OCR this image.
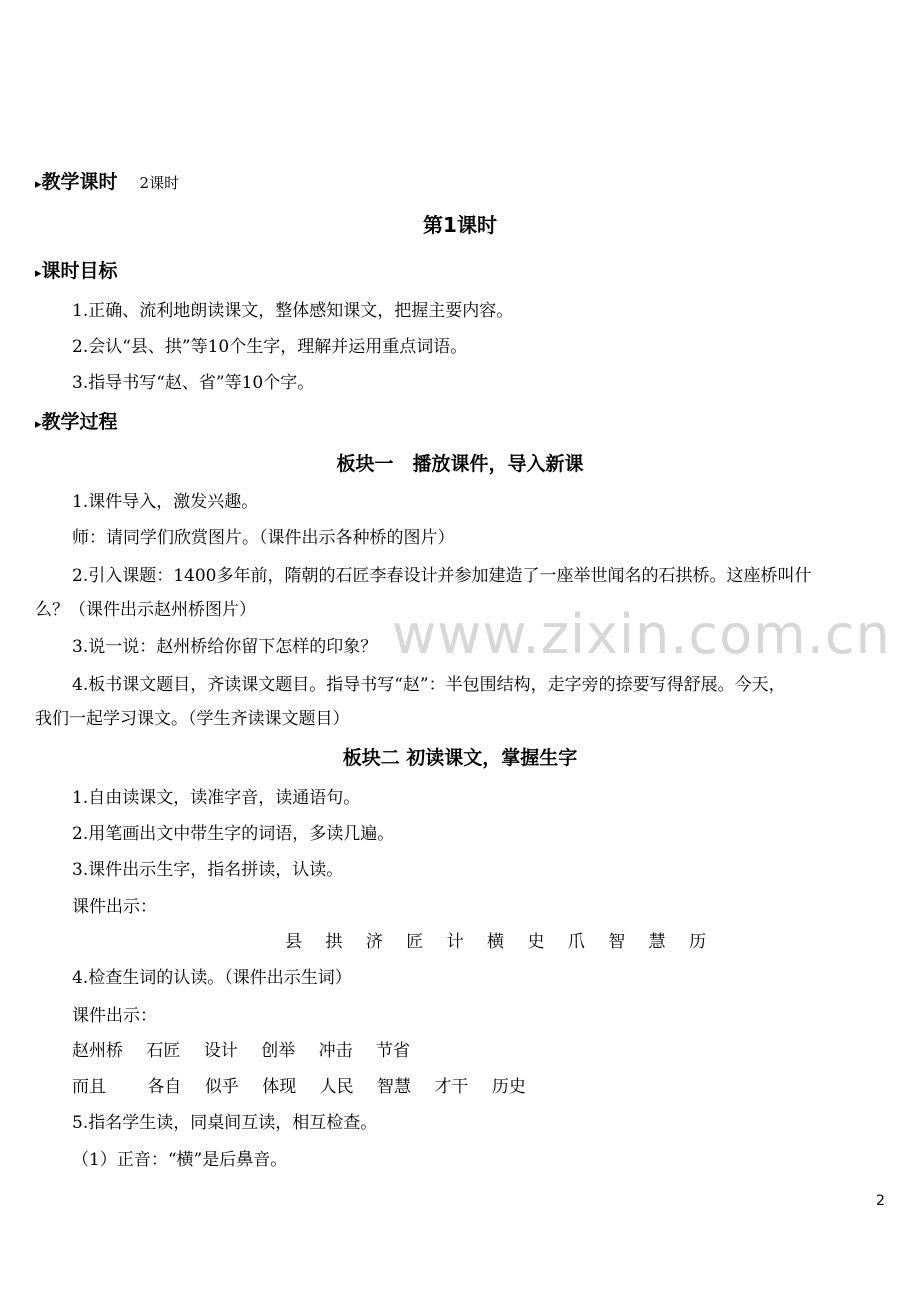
www.zixin.com.cn
▸教学课时 2课时
第1课时
▸课时目标
1.正确、流利地朗读课文，整体感知课文，把握主要内容。
2.会认“县、拱”等10个生字，理解并运用重点词语。
3.指导书写“赵、省”等10个字。
▸教学过程
板块一　播放课件，导入新课
1.课件导入，激发兴趣。
师：请同学们欣赏图片。（课件出示各种桥的图片）
2.引入课题：1400多年前，隋朝的石匠李春设计并参加建造了一座举世闻名的石拱桥。这座桥叫什
么？（课件出示赵州桥图片）
3.说一说：赵州桥给你留下怎样的印象？
4.板书课文题目，齐读课文题目。指导书写“赵”：半包围结构，走字旁的捺要写得舒展。今天，
我们一起学习课文。（学生齐读课文题目）
板块二 初读课文，掌握生字
1.自由读课文，读准字音，读通语句。
2.用笔画出文中带生字的词语，多读几遍。
3.课件出示生字，指名拼读，认读。
课件出示：
县 拱 济 匠 计 横 史 爪 智 慧 历
4.检查生词的认读。（课件出示生词）
课件出示：
赵州桥 石匠 设计 创举 冲击 节省
而且 各自 似乎 体现 人民 智慧 才干 历史
5.指名学生读，同桌间互读，相互检查。
（1）正音：“横”是后鼻音。
2
